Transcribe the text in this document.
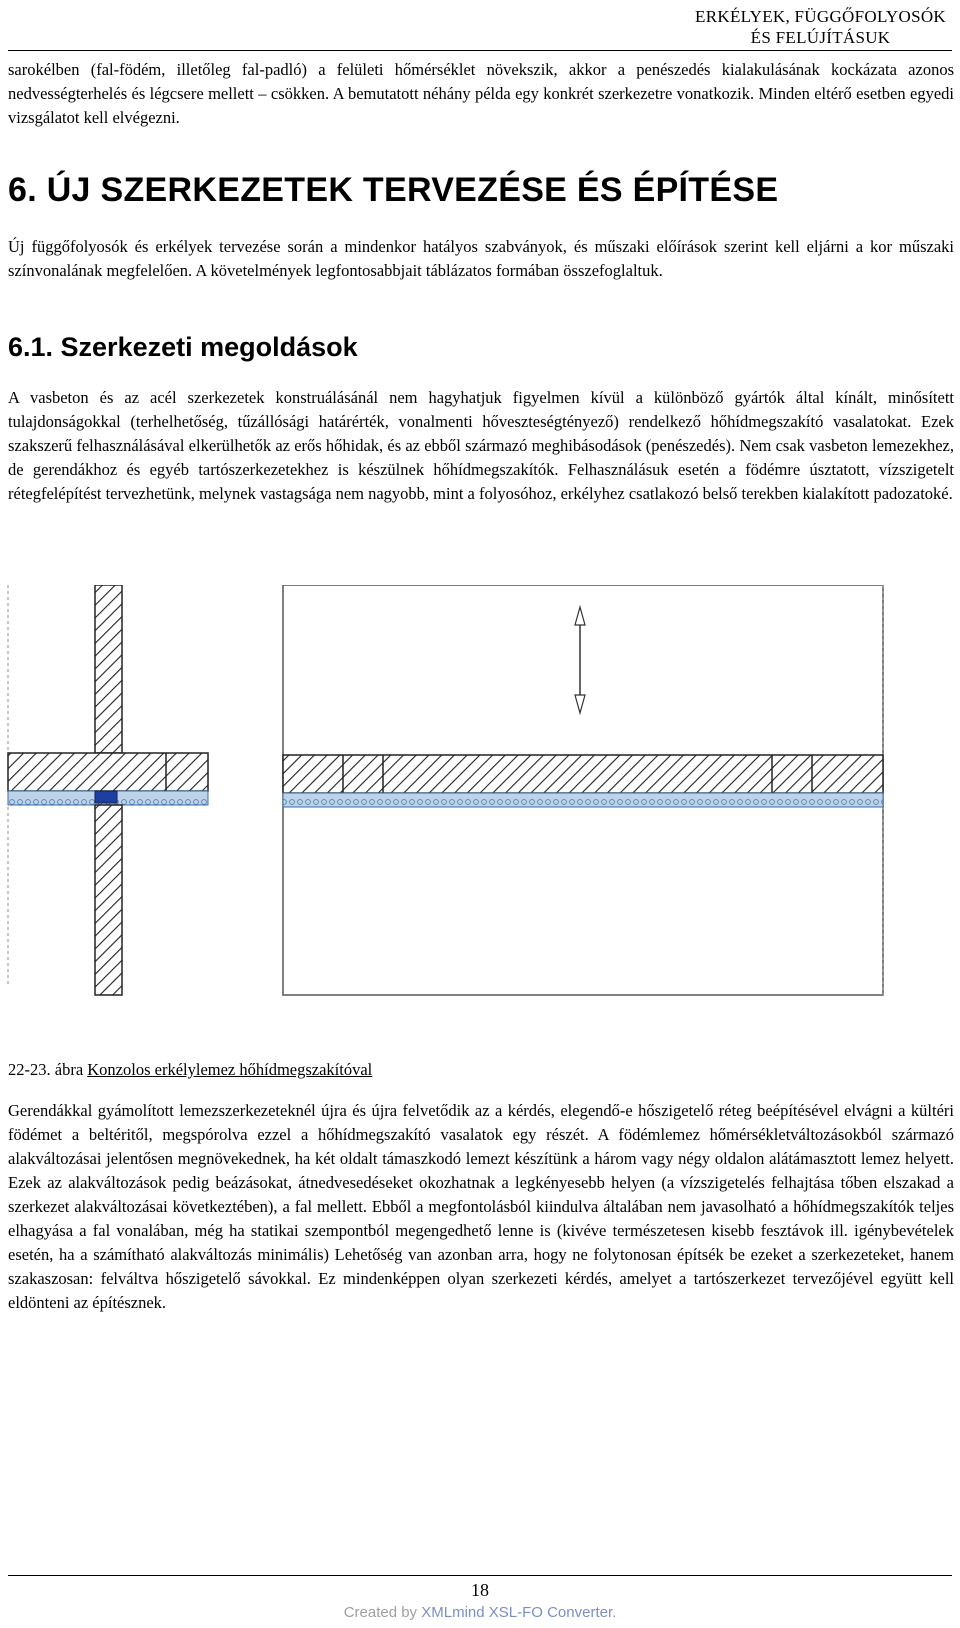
ERKÉLYEK, FÜGGŐFOLYOSÓK
ÉS FELÚJÍTÁSUK

sarokélben (fal-födém, illetőleg fal-padló) a felületi hőmérséklet növekszik, akkor a penészedés kialakulásának kockázata azonos nedvességterhelés és légcsere mellett – csökken. A bemutatott néhány példa egy konkrét szerkezetre vonatkozik. Minden eltérő esetben egyedi vizsgálatot kell elvégezni.

6. ÚJ SZERKEZETEK TERVEZÉSE ÉS ÉPÍTÉSE

Új függőfolyosók és erkélyek tervezése során a mindenkor hatályos szabványok, és műszaki előírások szerint kell eljárni a kor műszaki színvonalának megfelelően. A követelmények legfontosabbjait táblázatos formában összefoglaltuk.

6.1. Szerkezeti megoldások

A vasbeton és az acél szerkezetek konstruálásánál nem hagyhatjuk figyelmen kívül a különböző gyártók által kínált, minősített tulajdonságokkal (terhelhetőség, tűzállósági határérték, vonalmenti hőveszteségtényező) rendelkező hőhídmegszakító vasalatokat. Ezek szakszerű felhasználásával elkerülhetők az erős hőhidak, és az ebből származó meghibásodások (penészedés). Nem csak vasbeton lemezekhez, de gerendákhoz és egyéb tartószerkezetekhez is készülnek hőhídmegszakítók. Felhasználásuk esetén a födémre úsztatott, vízszigetelt rétegfelépítést tervezhetünk, melynek vastagsága nem nagyobb, mint a folyosóhoz, erkélyhez csatlakozó belső terekben kialakított padozatoké.

22-23. ábra Konzolos erkélylemez hőhídmegszakítóval

Gerendákkal gyámolított lemezszerkezeteknél újra és újra felvetődik az a kérdés, elegendő-e hőszigetelő réteg beépítésével elvágni a kültéri födémet a beltéritől, megspórolva ezzel a hőhídmegszakító vasalatok egy részét. A födémlemez hőmérsékletváltozásokból származó alakváltozásai jelentősen megnövekednek, ha két oldalt támaszkodó lemezt készítünk a három vagy négy oldalon alátámasztott lemez helyett. Ezek az alakváltozások pedig beázásokat, átnedvesedéseket okozhatnak a legkényesebb helyen (a vízszigetelés felhajtása tőben elszakad a szerkezet alakváltozásai következtében), a fal mellett. Ebből a megfontolásból kiindulva általában nem javasolható a hőhídmegszakítók teljes elhagyása a fal vonalában, még ha statikai szempontból megengedhető lenne is (kivéve természetesen kisebb fesztávok ill. igénybevételek esetén, ha a számítható alakváltozás minimális) Lehetőség van azonban arra, hogy ne folytonosan építsék be ezeket a szerkezeteket, hanem szakaszosan: felváltva hőszigetelő sávokkal. Ez mindenképpen olyan szerkezeti kérdés, amelyet a tartószerkezet tervezőjével együtt kell eldönteni az építésznek.

18
Created by XMLmind XSL-FO Converter.
